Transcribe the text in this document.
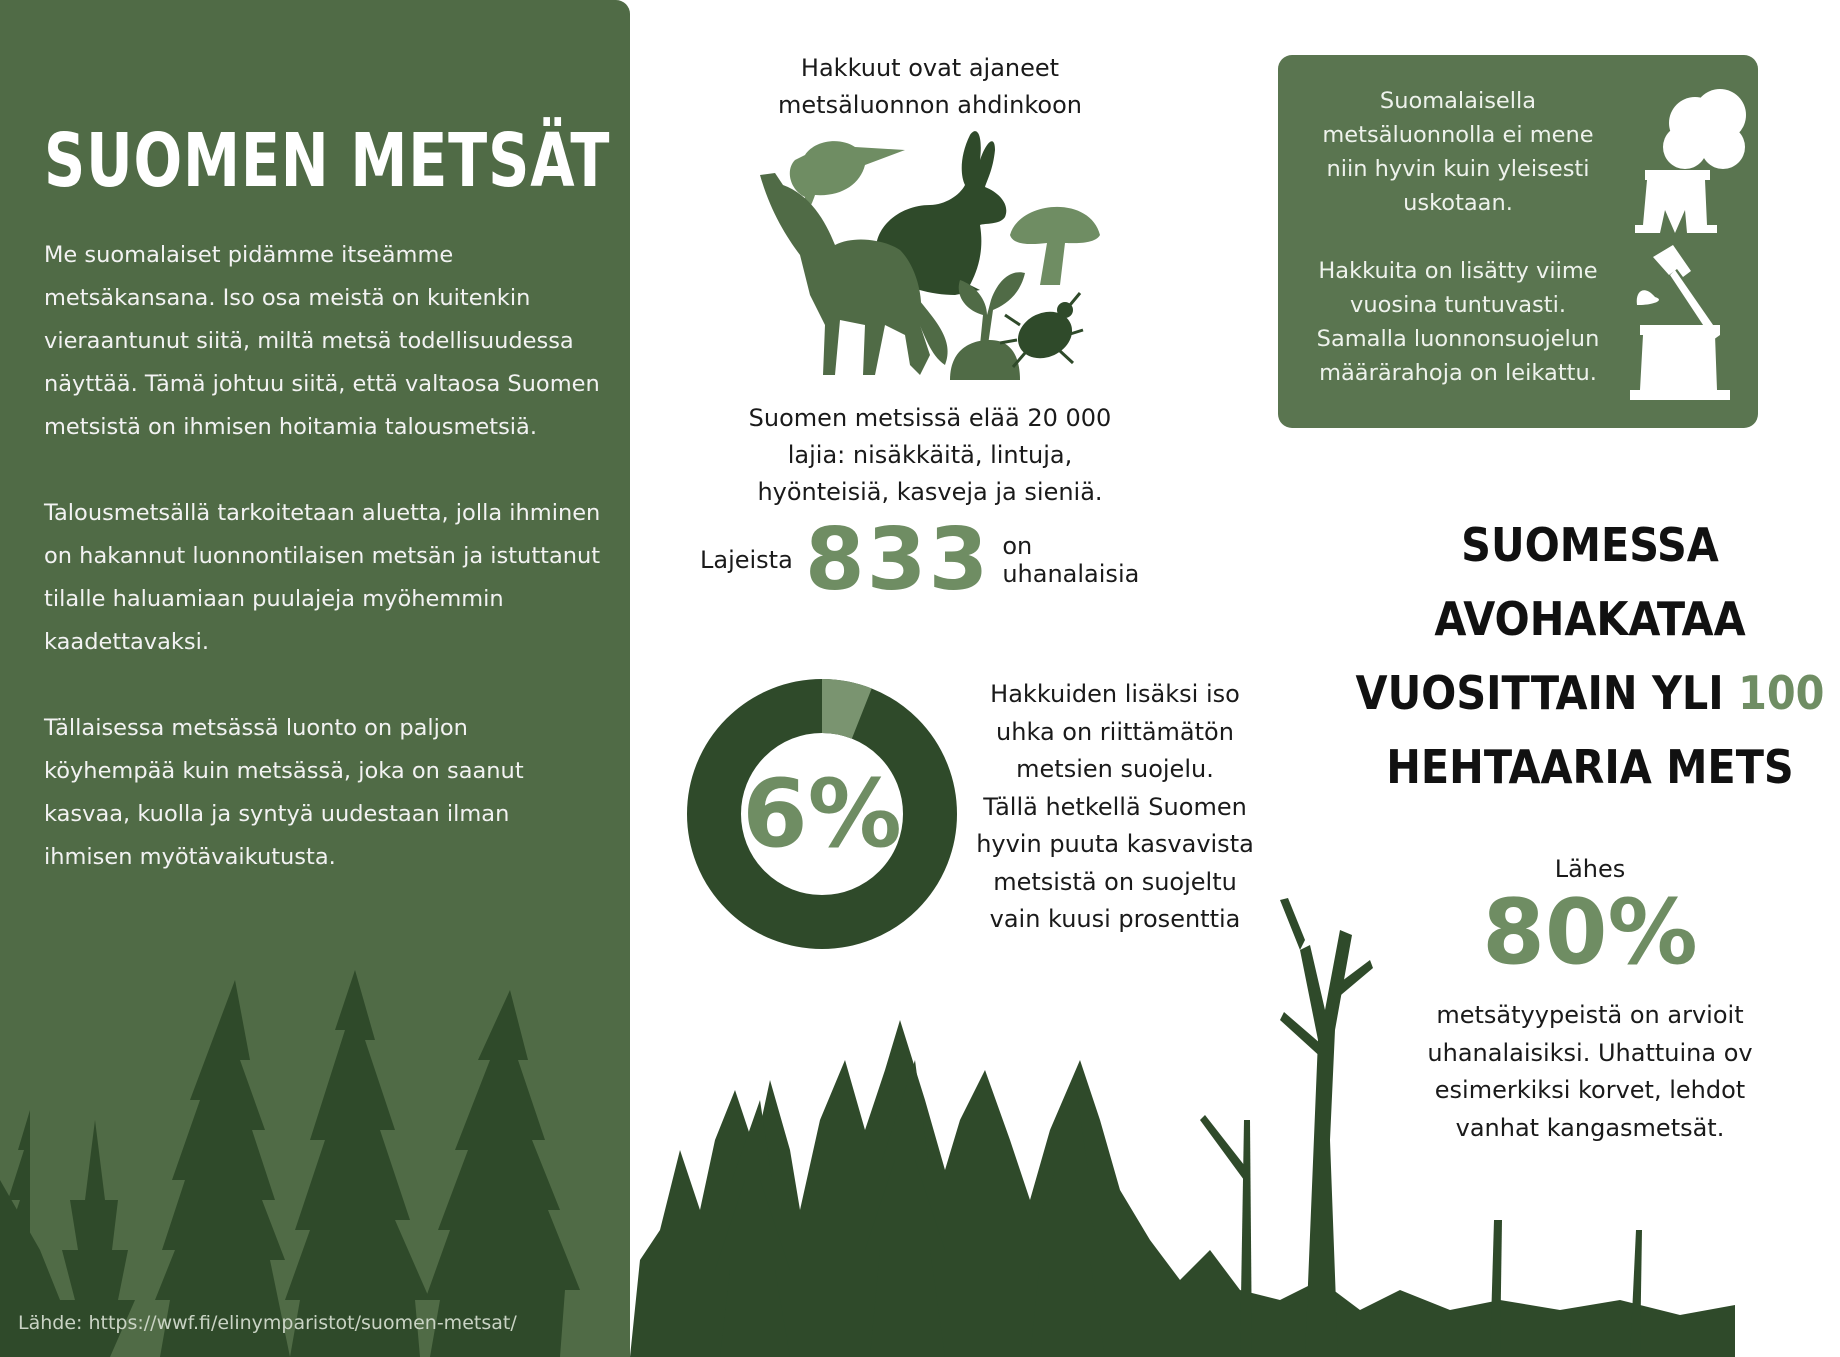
SUOMEN METSÄT

Me suomalaiset pidämme itseämme metsäkansana. Iso osa meistä on kuitenkin vieraantunut siitä, miltä metsä todellisuudessa näyttää. Tämä johtuu siitä, että valtaosa Suomen metsistä on ihmisen hoitamia talousmetsiä.

Talousmetsällä tarkoitetaan aluetta, jolla ihminen on hakannut luonnontilaisen metsän ja istuttanut tilalle haluamiaan puulajeja myöhemmin kaadettavaksi.

Tällaisessa metsässä luonto on paljon köyhempää kuin metsässä, joka on saanut kasvaa, kuolla ja syntyä uudestaan ilman ihmisen myötävaikutusta.

Lähde: https://wwf.fi/elinymparistot/suomen-metsat/
Hakkuut ovat ajaneet
metsäluonnon ahdinkoon
Suomen metsissä elää 20 000
lajia: nisäkkäitä, lintuja,
hyönteisiä, kasveja ja sieniä.
Lajeista 833 on uhanalaisia
6%
Hakkuiden lisäksi iso
uhka on riittämätön
metsien suojelu.
Tällä hetkellä Suomen
hyvin puuta kasvavista
metsistä on suojeltu
vain kuusi prosenttia

Suomalaisella
metsäluonnolla ei mene
niin hyvin kuin yleisesti
uskotaan.

Hakkuita on lisätty viime
vuosina tuntuvasti.
Samalla luonnonsuojelun
määrärahoja on leikattu.

SUOMESSA
AVOHAKATAA
VUOSITTAIN YLI 100
HEHTAARIA METS
Lähes
80%
metsätyypeistä on arvioit
uhanalaisiksi. Uhattuina ov
esimerkiksi korvet, lehdot
vanhat kangasmetsät.
